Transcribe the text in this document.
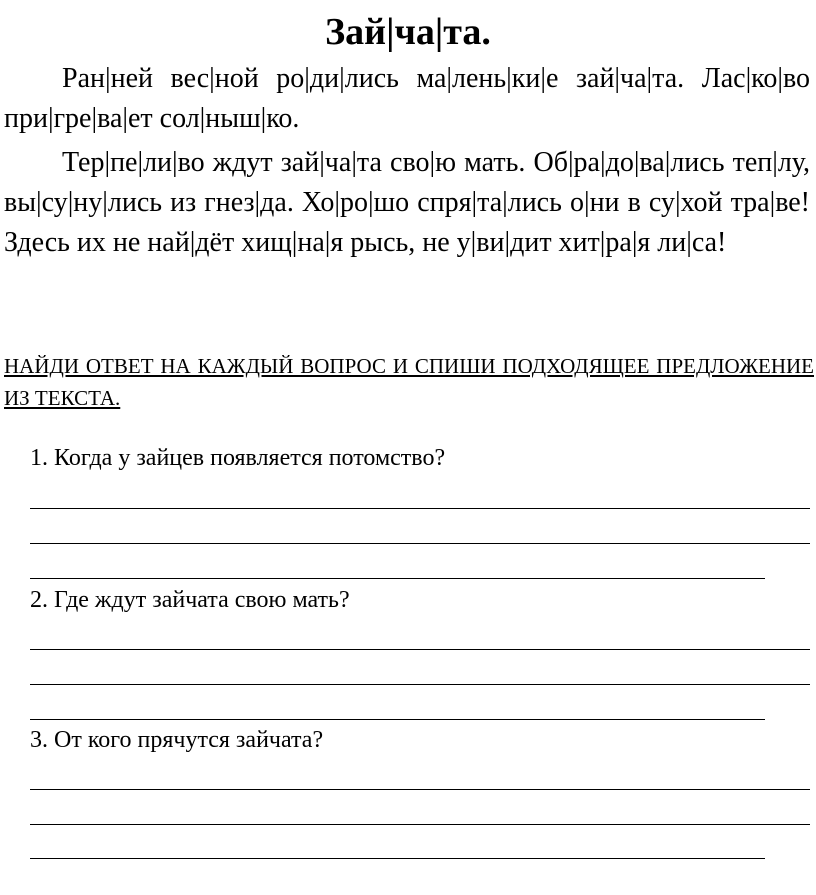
Зай|ча|та.

Ран|ней вес|ной ро|ди|лись ма|лень|ки|е зай|ча|та. Лас|ко|во при|гре|ва|ет сол|ныш|ко.

Тер|пе|ли|во ждут зай|ча|та сво|ю мать. Об|ра|до|ва|лись теп|лу, вы|су|ну|лись из гнез|да. Хо|ро|шо спря|та|лись о|ни в су|хой тра|ве! Здесь их не най|дёт хищ|на|я рысь, не у|ви|дит хит|ра|я ли|са!

НАЙДИ ОТВЕТ НА КАЖДЫЙ ВОПРОС И СПИШИ ПОДХОДЯЩЕЕ ПРЕДЛОЖЕНИЕ ИЗ ТЕКСТА.

1. Когда у зайцев появляется потомство?

2. Где ждут зайчата свою мать?

3. От кого прячутся зайчата?
